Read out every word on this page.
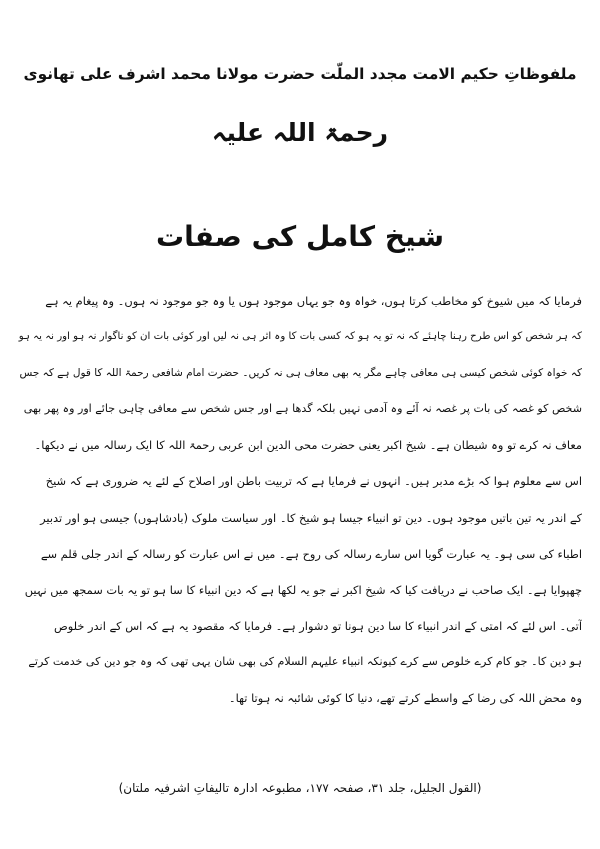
ملفوظاتِ حکیم الامت مجدد الملّت حضرت مولانا محمد اشرف علی تھانوی
رحمۃ اللہ علیہ
شیخ کامل کی صفات
فرمایا کہ میں شیوخ کو مخاطب کرتا ہوں، خواہ وہ جو یہاں موجود ہوں یا وہ جو موجود نہ ہوں۔ وہ پیغام یہ ہے
کہ ہر شخص کو اس طرح رہنا چاہئے کہ نہ تو یہ ہو کہ کسی بات کا وہ اثر ہی نہ لیں اور کوئی بات ان کو ناگوار نہ ہو اور نہ یہ ہو
کہ خواہ کوئی شخص کیسی ہی معافی چاہے مگر یہ بھی معاف ہی نہ کریں۔ حضرت امام شافعی رحمۃ اللہ کا قول ہے کہ جس
شخص کو غصہ کی بات پر غصہ نہ آئے وہ آدمی نہیں بلکہ گدھا ہے اور جس شخص سے معافی چاہی جائے اور وہ پھر بھی
معاف نہ کرے تو وہ شیطان ہے۔ شیخ اکبر یعنی حضرت محی الدین ابن عربی رحمۃ اللہ کا ایک رسالہ میں نے دیکھا۔
اس سے معلوم ہوا کہ بڑے مدبر ہیں۔ انہوں نے فرمایا ہے کہ تربیت باطن اور اصلاح کے لئے یہ ضروری ہے کہ شیخ
کے اندر یہ تین باتیں موجود ہوں۔ دین تو انبیاء جیسا ہو شیخ کا۔ اور سیاست ملوک (بادشاہوں) جیسی ہو اور تدبیر
اطباء کی سی ہو۔ یہ عبارت گویا اس سارے رسالہ کی روح ہے۔ میں نے اس عبارت کو رسالہ کے اندر جلی قلم سے
چھپوایا ہے۔ ایک صاحب نے دریافت کیا کہ شیخ اکبر نے جو یہ لکھا ہے کہ دین انبیاء کا سا ہو تو یہ بات سمجھ میں نہیں
آتی۔ اس لئے کہ امتی کے اندر انبیاء کا سا دین ہونا تو دشوار ہے۔ فرمایا کہ مقصود یہ ہے کہ اس کے اندر خلوص
ہو دین کا۔ جو کام کرے خلوص سے کرے کیونکہ انبیاء علیہم السلام کی بھی شان یہی تھی کہ وہ جو دین کی خدمت کرتے
وہ محض اللہ کی رضا کے واسطے کرتے تھے، دنیا کا کوئی شائبہ نہ ہوتا تھا۔
(القول الجلیل، جلد ۳۱، صفحہ ۱۷۷، مطبوعہ ادارہ تالیفاتِ اشرفیہ ملتان)
